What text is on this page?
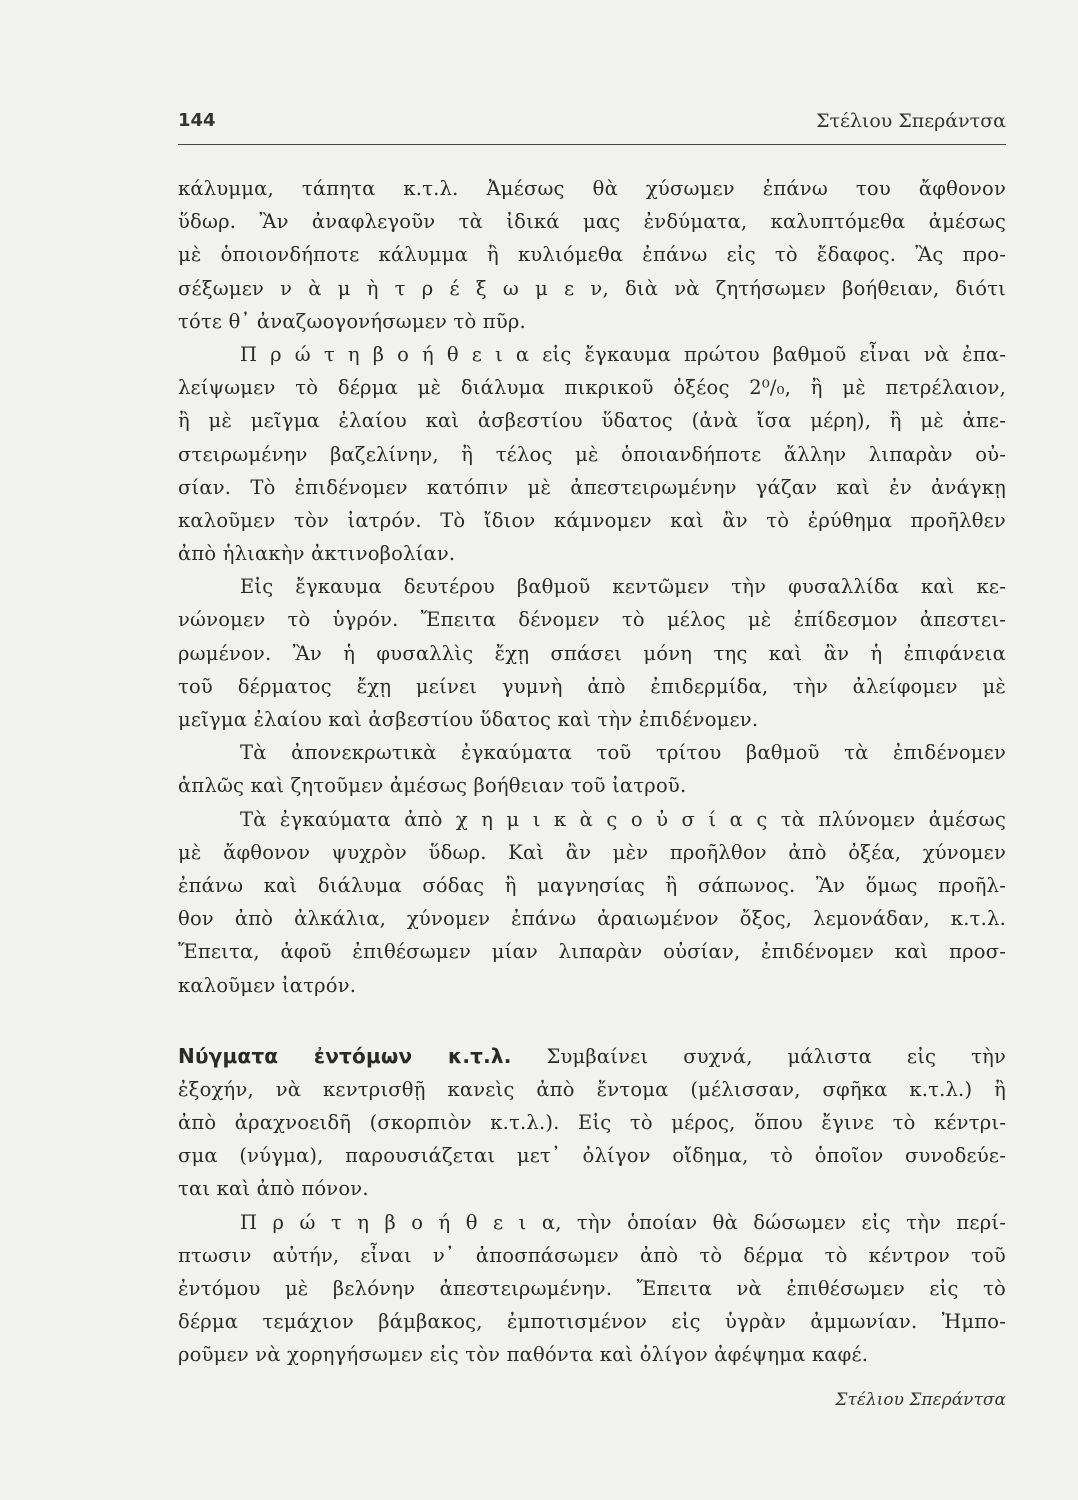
144	Στέλιου Σπεράντσα
κάλυμμα, τάπητα κ.τ.λ. Ἀμέσως θὰ χύσωμεν ἐπάνω του ἄφθονον
ὕδωρ. Ἂν ἀναφλεγοῦν τὰ ἰδικά μας ἐνδύματα, καλυπτόμεθα ἀμέσως
μὲ ὁποιονδήποτε κάλυμμα ἢ κυλιόμεθα ἐπάνω εἰς τὸ ἔδαφος. Ἂς προ-
σέξωμεν ν ὰ μ ὴ τ ρ έ ξ ω μ ε ν, διὰ νὰ ζητήσωμεν βοήθειαν, διότι
τότε θ᾽ ἀναζωογονήσωμεν τὸ πῦρ.
Π ρ ώ τ η β ο ή θ ε ι α εἰς ἔγκαυμα πρώτου βαθμοῦ εἶναι νὰ ἐπα-
λείψωμεν τὸ δέρμα μὲ διάλυμα πικρικοῦ ὀξέος 2⁰/₀, ἢ μὲ πετρέλαιον,
ἢ μὲ μεῖγμα ἐλαίου καὶ ἀσβεστίου ὕδατος (ἀνὰ ἴσα μέρη), ἢ μὲ ἀπε-
στειρωμένην βαζελίνην, ἢ τέλος μὲ ὁποιανδήποτε ἄλλην λιπαρὰν οὐ-
σίαν. Τὸ ἐπιδένομεν κατόπιν μὲ ἀπεστειρωμένην γάζαν καὶ ἐν ἀνάγκῃ
καλοῦμεν τὸν ἰατρόν. Τὸ ἴδιον κάμνομεν καὶ ἂν τὸ ἐρύθημα προῆλθεν
ἀπὸ ἡλιακὴν ἀκτινοβολίαν.
Εἰς ἔγκαυμα δευτέρου βαθμοῦ κεντῶμεν τὴν φυσαλλίδα καὶ κε-
νώνομεν τὸ ὑγρόν. Ἔπειτα δένομεν τὸ μέλος μὲ ἐπίδεσμον ἀπεστει-
ρωμένον. Ἂν ἡ φυσαλλὶς ἔχῃ σπάσει μόνη της καὶ ἂν ἡ ἐπιφάνεια
τοῦ δέρματος ἔχῃ μείνει γυμνὴ ἀπὸ ἐπιδερμίδα, τὴν ἀλείφομεν μὲ
μεῖγμα ἐλαίου καὶ ἀσβεστίου ὕδατος καὶ τὴν ἐπιδένομεν.
Τὰ ἀπονεκρωτικὰ ἐγκαύματα τοῦ τρίτου βαθμοῦ τὰ ἐπιδένομεν
ἁπλῶς καὶ ζητοῦμεν ἀμέσως βοήθειαν τοῦ ἰατροῦ.
Τὰ ἐγκαύματα ἀπὸ χ η μ ι κ ὰ ς ο ὐ σ ί α ς τὰ πλύνομεν ἀμέσως
μὲ ἄφθονον ψυχρὸν ὕδωρ. Καὶ ἂν μὲν προῆλθον ἀπὸ ὀξέα, χύνομεν
ἐπάνω καὶ διάλυμα σόδας ἢ μαγνησίας ἢ σάπωνος. Ἂν ὅμως προῆλ-
θον ἀπὸ ἀλκάλια, χύνομεν ἐπάνω ἀραιωμένον ὄξος, λεμονάδαν, κ.τ.λ.
Ἔπειτα, ἀφοῦ ἐπιθέσωμεν μίαν λιπαρὰν οὐσίαν, ἐπιδένομεν καὶ προσ-
καλοῦμεν ἰατρόν.
Νύγματα ἐντόμων κ.τ.λ. Συμβαίνει συχνά, μάλιστα εἰς τὴν
ἐξοχήν, νὰ κεντρισθῇ κανεὶς ἀπὸ ἔντομα (μέλισσαν, σφῆκα κ.τ.λ.) ἢ
ἀπὸ ἀραχνοειδῆ (σκορπιὸν κ.τ.λ.). Εἰς τὸ μέρος, ὅπου ἔγινε τὸ κέντρι-
σμα (νύγμα), παρουσιάζεται μετ᾽ ὀλίγον οἴδημα, τὸ ὁποῖον συνοδεύε-
ται καὶ ἀπὸ πόνον.
Π ρ ώ τ η β ο ή θ ε ι α, τὴν ὁποίαν θὰ δώσωμεν εἰς τὴν περί-
πτωσιν αὐτήν, εἶναι ν᾽ ἀποσπάσωμεν ἀπὸ τὸ δέρμα τὸ κέντρον τοῦ
ἐντόμου μὲ βελόνην ἀπεστειρωμένην. Ἔπειτα νὰ ἐπιθέσωμεν εἰς τὸ
δέρμα τεμάχιον βάμβακος, ἐμποτισμένον εἰς ὑγρὰν ἀμμωνίαν. Ἠμπο-
ροῦμεν νὰ χορηγήσωμεν εἰς τὸν παθόντα καὶ ὀλίγον ἀφέψημα καφέ.
Στέλιου Σπεράντσα
